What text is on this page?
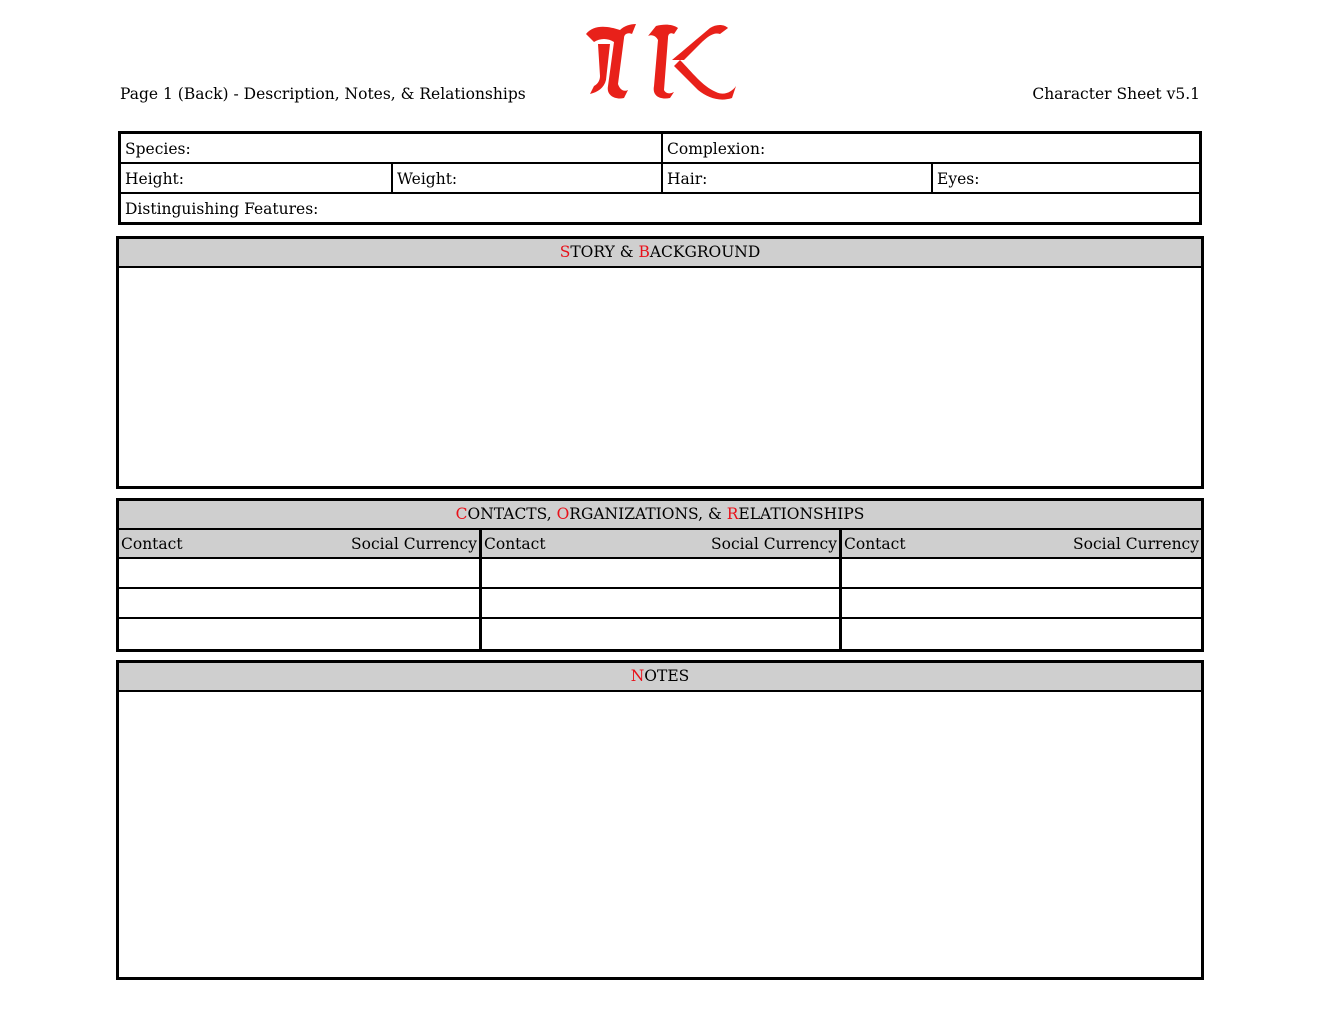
Page 1 (Back) - Description, Notes, & Relationships	Character Sheet v5.1
Species:	Complexion:
Height:	Weight:	Hair:	Eyes:
Distinguishing Features:
STORY & BACKGROUND
CONTACTS, ORGANIZATIONS, & RELATIONSHIPS
Contact	Social Currency Contact	Social Currency Contact	Social Currency
NOTES
